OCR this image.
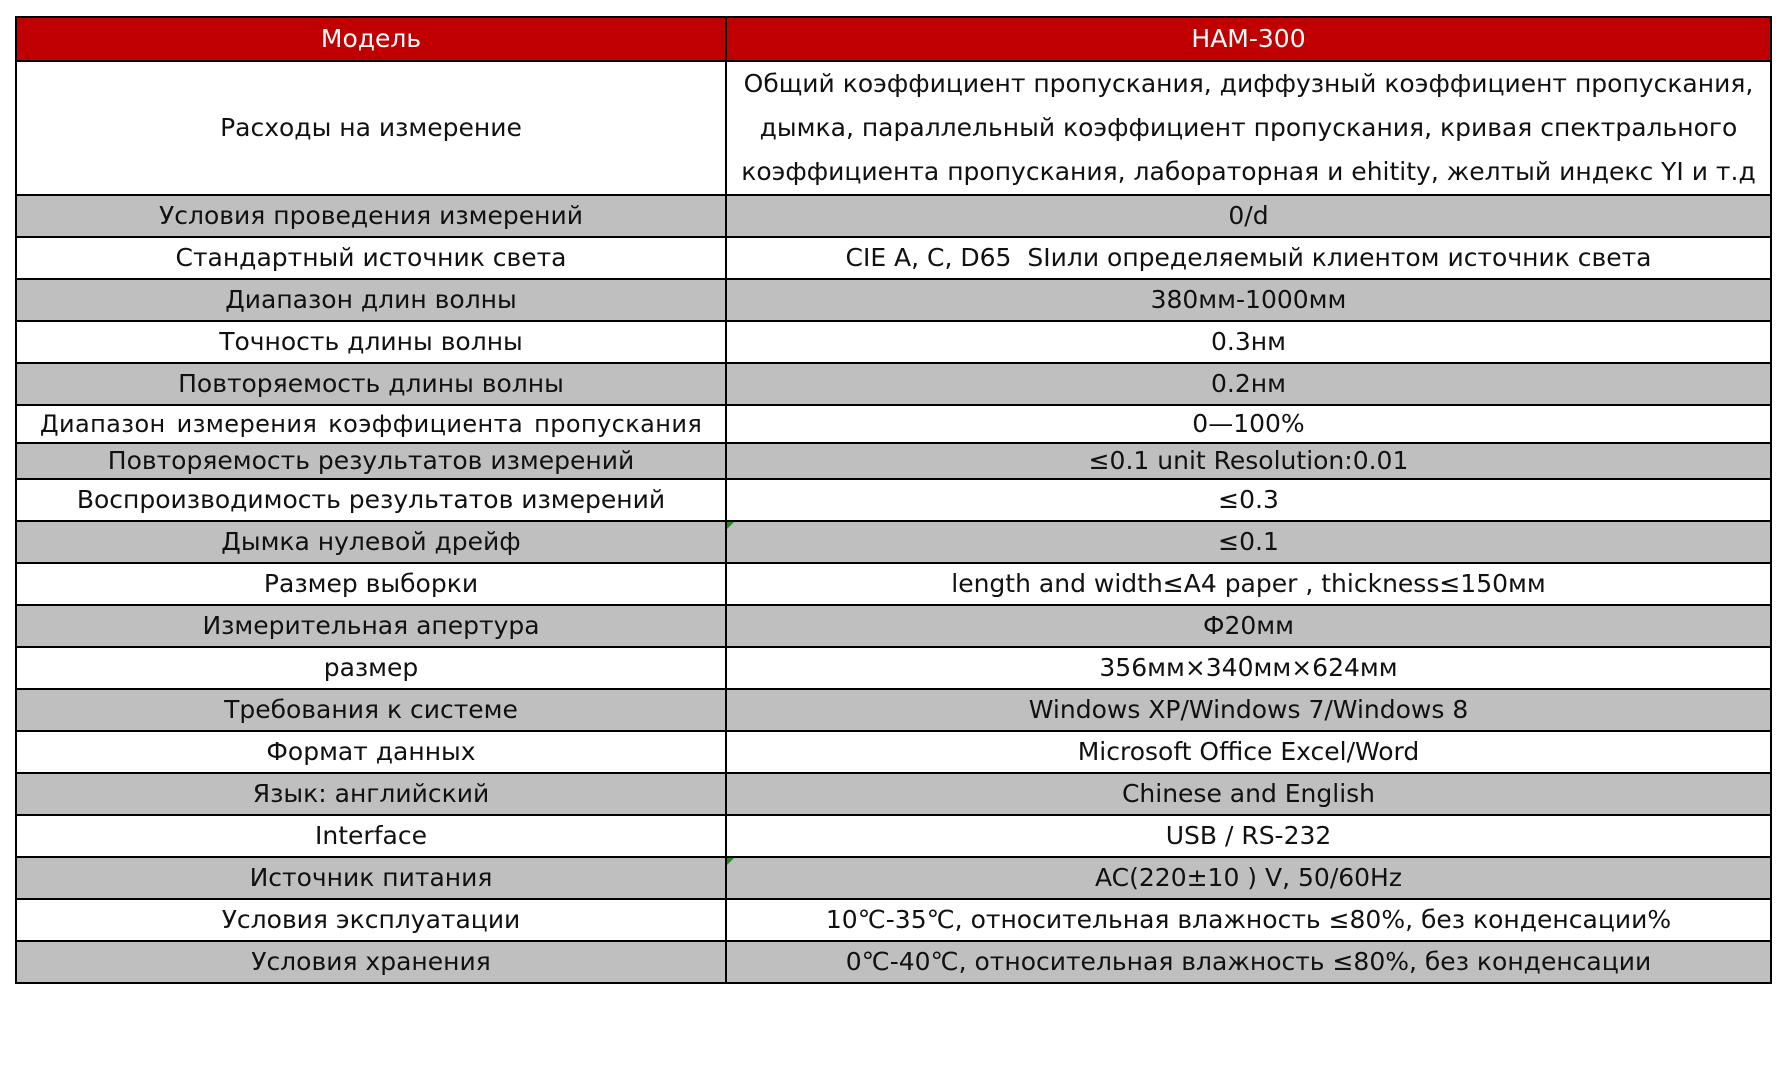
Модель	HAM-300
Расходы на измерение	Общий коэффициент пропускания, диффузный коэффициент пропускания, дымка, параллельный коэффициент пропускания, кривая спектрального коэффициента пропускания, лабораторная и ehitity, желтый индекс YI и т.д
Условия проведения измерений	0/d
Стандартный источник света	CIE A, C, D65  SIили определяемый клиентом источник света
Диапазон длин волны	380мм-1000мм
Точность длины волны	0.3нм
Повторяемость длины волны	0.2нм
Диапазон измерения коэффициента пропускания	0—100%
Повторяемость результатов измерений	≤0.1 unit Resolution:0.01
Воспроизводимость результатов измерений	≤0.3
Дымка нулевой дрейф	≤0.1
Размер выборки	length and width≤A4 paper , thickness≤150мм
Измерительная апертура	Ф20мм
размер	356мм×340мм×624мм
Требования к системе	Windows XP/Windows 7/Windows 8
Формат данных	Microsoft Office Excel/Word
Язык: английский	Chinese and English
Interface	USB / RS-232
Источник питания	AC(220±10 ) V, 50/60Hz
Условия эксплуатации	10℃-35℃, относительная влажность ≤80%, без конденсации%
Условия хранения	0℃-40℃, относительная влажность ≤80%, без конденсации
